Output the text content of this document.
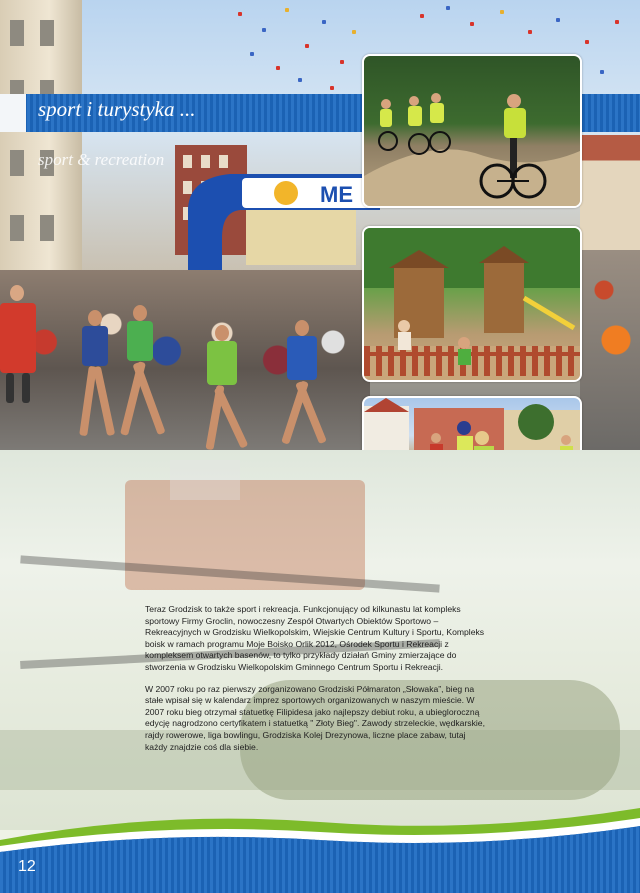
ME
sport i turystyka ...
sport & recreation

Teraz Grodzisk to także sport i rekreacja. Funkcjonujący od kilkunastu lat kompleks sportowy Firmy Groclin, nowoczesny Zespół Otwartych Obiektów Sportowo – Rekreacyjnych w Grodzisku Wielkopolskim, Wiejskie Centrum Kultury i Sportu, Kompleks boisk w ramach programu Moje Boisko Orlik 2012, Ośrodek Sportu i Rekreacji z kompleksem otwartych basenów, to tylko przykłady działań Gminy zmierzające do stworzenia w Grodzisku Wielkopolskim Gminnego Centrum Sportu i Rekreacji.

W 2007 roku po raz pierwszy zorganizowano Grodziski Półmaraton „Słowaka”, bieg na stałe wpisał się w kalendarz imprez sportowych organizowanych w naszym mieście. W 2007 roku bieg otrzymał statuetkę Filipidesa jako najlepszy debiut roku, a ubiegloroczną edycję nagrodzono certyfikatem i statuetką " Złoty Bieg". Zawody strzeleckie, wędkarskie, rajdy rowerowe, liga bowlingu, Grodziska Kolej Drezynowa, liczne place zabaw, tutaj każdy znajdzie coś dla siebie.

12
